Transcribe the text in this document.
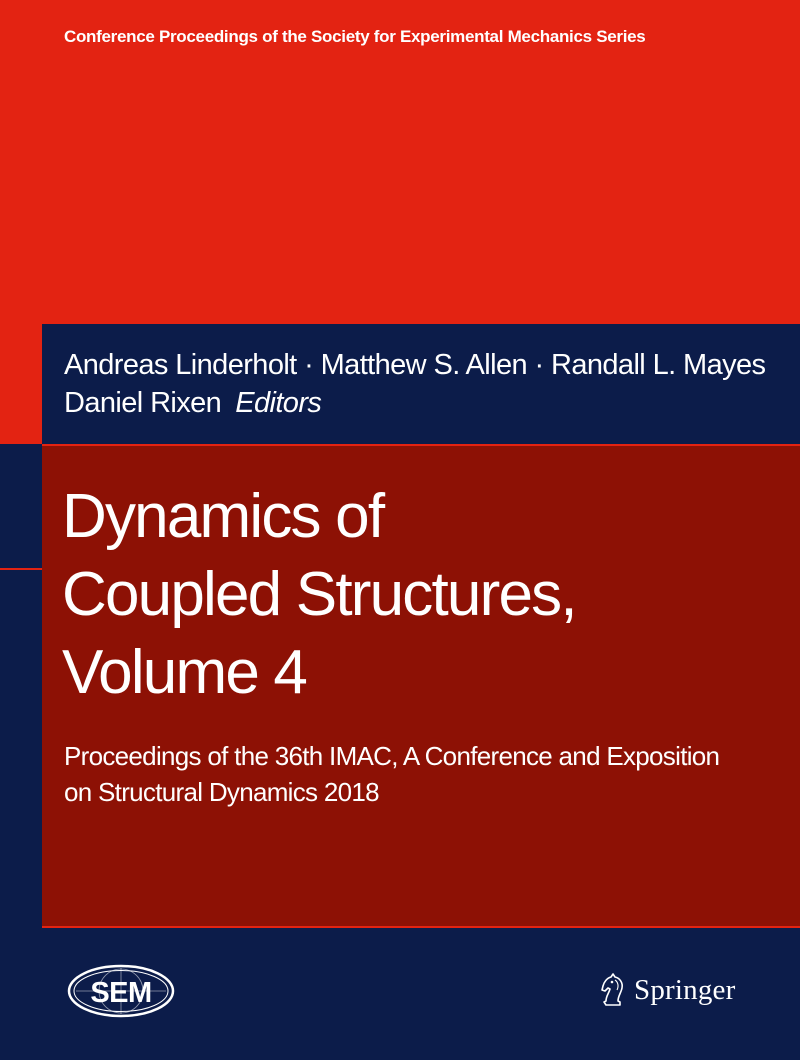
Conference Proceedings of the Society for Experimental Mechanics Series

Andreas Linderholt · Matthew S. Allen · Randall L. Mayes
Daniel Rixen Editors

Dynamics of
Coupled Structures,
Volume 4

Proceedings of the 36th IMAC, A Conference and Exposition
on Structural Dynamics 2018

SEM	Springer
